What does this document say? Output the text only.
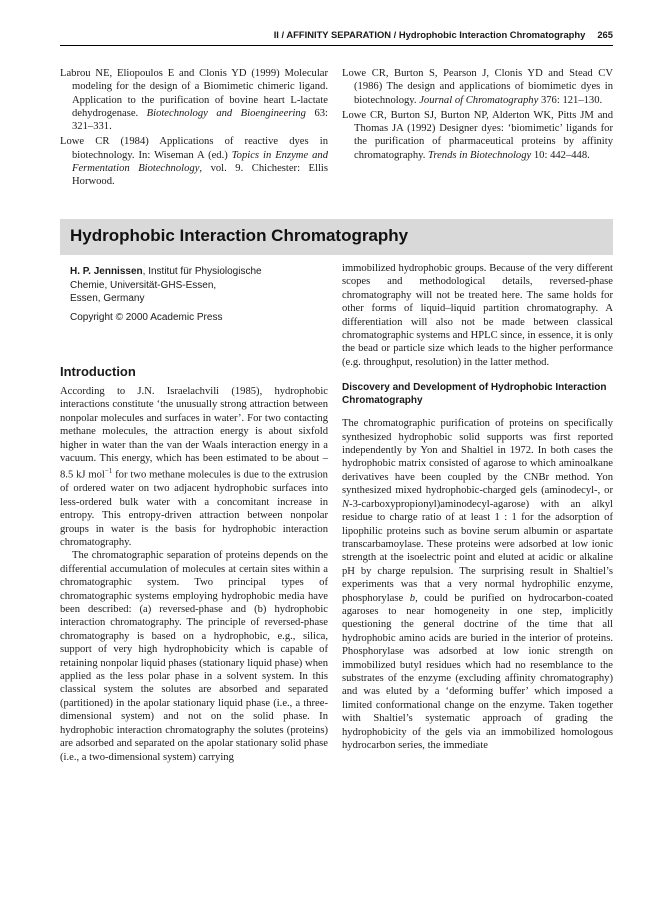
II / AFFINITY SEPARATION / Hydrophobic Interaction Chromatography 265

Labrou NE, Eliopoulos E and Clonis YD (1999) Molecular modeling for the design of a Biomimetic chimeric ligand. Application to the purification of bovine heart L-lactate dehydrogenase. Biotechnology and Bioengineering 63: 321–331.

Lowe CR (1984) Applications of reactive dyes in biotechnology. In: Wiseman A (ed.) Topics in Enzyme and Fermentation Biotechnology, vol. 9. Chichester: Ellis Horwood.

Lowe CR, Burton S, Pearson J, Clonis YD and Stead CV (1986) The design and applications of biomimetic dyes in biotechnology. Journal of Chromatography 376: 121–130.

Lowe CR, Burton SJ, Burton NP, Alderton WK, Pitts JM and Thomas JA (1992) Designer dyes: ‘biomimetic’ ligands for the purification of pharmaceutical proteins by affinity chromatography. Trends in Biotechnology 10: 442–448.

Hydrophobic Interaction Chromatography
H. P. Jennissen, Institut für Physiologische
Chemie, Universität-GHS-Essen,
Essen, Germany
Copyright © 2000 Academic Press
Introduction

According to J.N. Israelachvili (1985), hydrophobic interactions constitute ‘the unusually strong attraction between nonpolar molecules and surfaces in water’. For two contacting methane molecules, the attraction energy is about sixfold higher in water than the van der Waals interaction energy in a vacuum. This energy, which has been estimated to be about – 8.5 kJ mol$^{-1}$ for two methane molecules is due to the extrusion of ordered water on two adjacent hydrophobic surfaces into less-ordered bulk water with a concomitant increase in entropy. This entropy-driven attraction between nonpolar groups in water is the basis for hydrophobic interaction chromatography.

The chromatographic separation of proteins depends on the differential accumulation of molecules at certain sites within a chromatographic system. Two principal types of chromatographic systems employing hydrophobic media have been described: (a) reversed-phase and (b) hydrophobic interaction chromatography. The principle of reversed-phase chromatography is based on a hydrophobic, e.g., silica, support of very high hydrophobicity which is capable of retaining nonpolar liquid phases (stationary liquid phase) when applied as the less polar phase in a solvent system. In this classical system the solutes are absorbed and separated (partitioned) in the apolar stationary liquid phase (i.e., a three-dimensional system) and not on the solid phase. In hydrophobic interaction chromatography the solutes (proteins) are adsorbed and separated on the apolar stationary solid phase (i.e., a two-dimensional system) carrying

immobilized hydrophobic groups. Because of the very different scopes and methodological details, reversed-phase chromatography will not be treated here. The same holds for other forms of liquid–liquid partition chromatography. A differentiation will also not be made between classical chromatographic systems and HPLC since, in essence, it is only the bead or particle size which leads to the higher performance (e.g. throughput, resolution) in the latter method.

Discovery and Development of Hydrophobic Interaction Chromatography

The chromatographic purification of proteins on specifically synthesized hydrophobic solid supports was first reported independently by Yon and Shaltiel in 1972. In both cases the hydrophobic matrix consisted of agarose to which aminoalkane derivatives have been coupled by the CNBr method. Yon synthesized mixed hydrophobic-charged gels (aminodecyl-, or N-3-carboxypropionyl)aminodecyl-agarose) with an alkyl residue to charge ratio of at least 1 : 1 for the adsorption of lipophilic proteins such as bovine serum albumin or aspartate transcarbamoylase. These proteins were adsorbed at low ionic strength at the isoelectric point and eluted at acidic or alkaline pH by charge repulsion. The surprising result in Shaltiel’s experiments was that a very normal hydrophilic enzyme, phosphorylase b, could be purified on hydrocarbon-coated agaroses to near homogeneity in one step, implicitly questioning the general doctrine of the time that all hydrophobic amino acids are buried in the interior of proteins. Phosphorylase was adsorbed at low ionic strength on immobilized butyl residues which had no resemblance to the substrates of the enzyme (excluding affinity chromatography) and was eluted by a ‘deforming buffer’ which imposed a limited conformational change on the enzyme. Taken together with Shaltiel’s systematic approach of grading the hydrophobicity of the gels via an immobilized homologous hydrocarbon series, the immediate
